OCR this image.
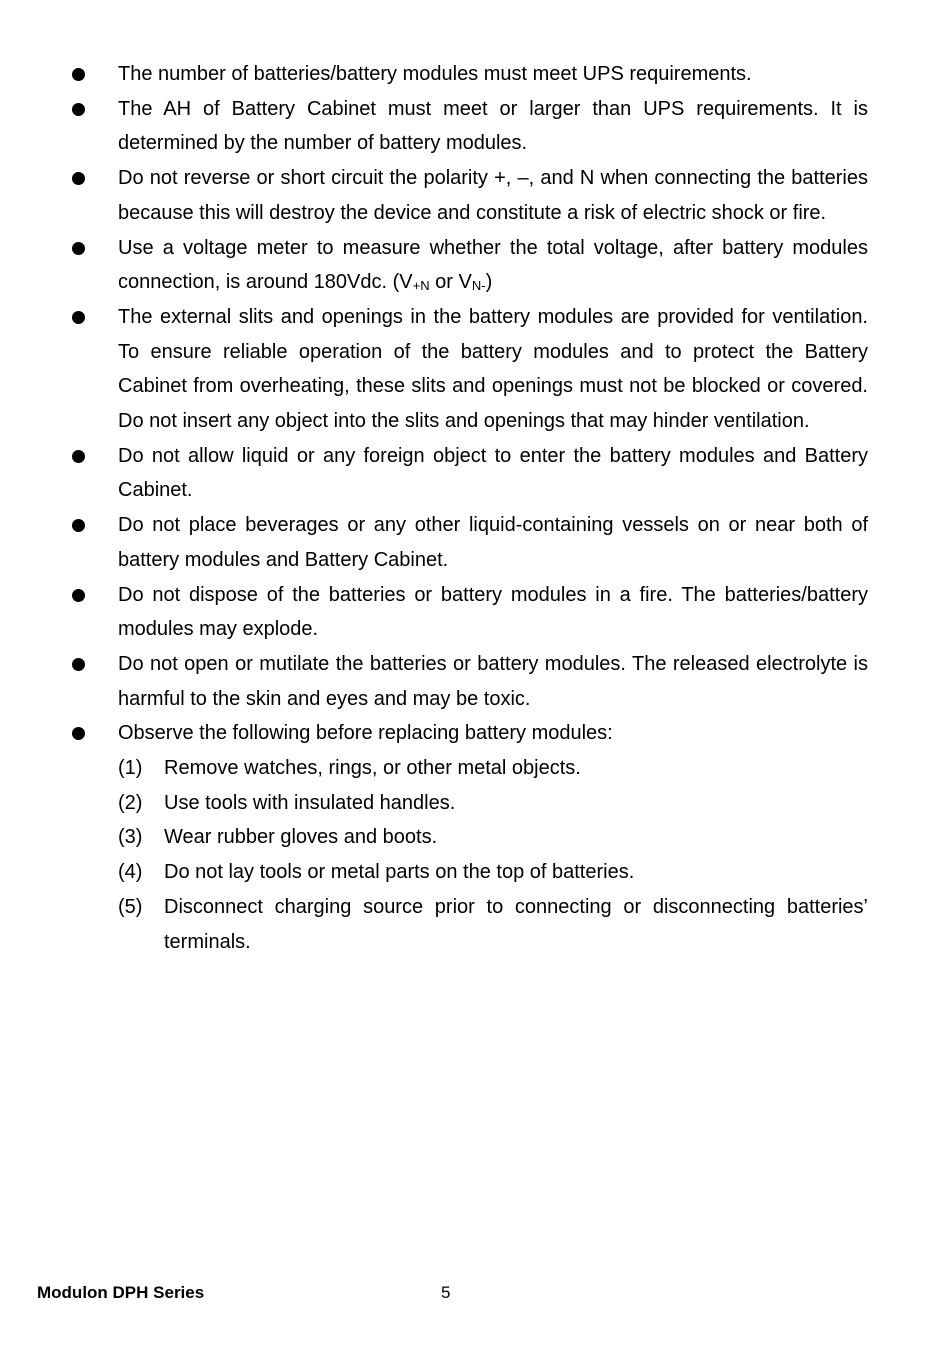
The number of batteries/battery modules must meet UPS requirements.
The AH of Battery Cabinet must meet or larger than UPS requirements. It is determined by the number of battery modules.
Do not reverse or short circuit the polarity +, –, and N when connecting the batteries because this will destroy the device and constitute a risk of electric shock or fire.
Use a voltage meter to measure whether the total voltage, after battery modules connection, is around 180Vdc. (V+N or VN-)
The external slits and openings in the battery modules are provided for ventilation. To ensure reliable operation of the battery modules and to protect the Battery Cabinet from overheating, these slits and openings must not be blocked or covered. Do not insert any object into the slits and openings that may hinder ventilation.
Do not allow liquid or any foreign object to enter the battery modules and Battery Cabinet.
Do not place beverages or any other liquid-containing vessels on or near both of battery modules and Battery Cabinet.
Do not dispose of the batteries or battery modules in a fire. The batteries/battery modules may explode.
Do not open or mutilate the batteries or battery modules. The released electrolyte is harmful to the skin and eyes and may be toxic.
Observe the following before replacing battery modules:
(1) Remove watches, rings, or other metal objects.
(2) Use tools with insulated handles.
(3) Wear rubber gloves and boots.
(4) Do not lay tools or metal parts on the top of batteries.
(5) Disconnect charging source prior to connecting or disconnecting batteries’ terminals.
Modulon DPH Series	5
